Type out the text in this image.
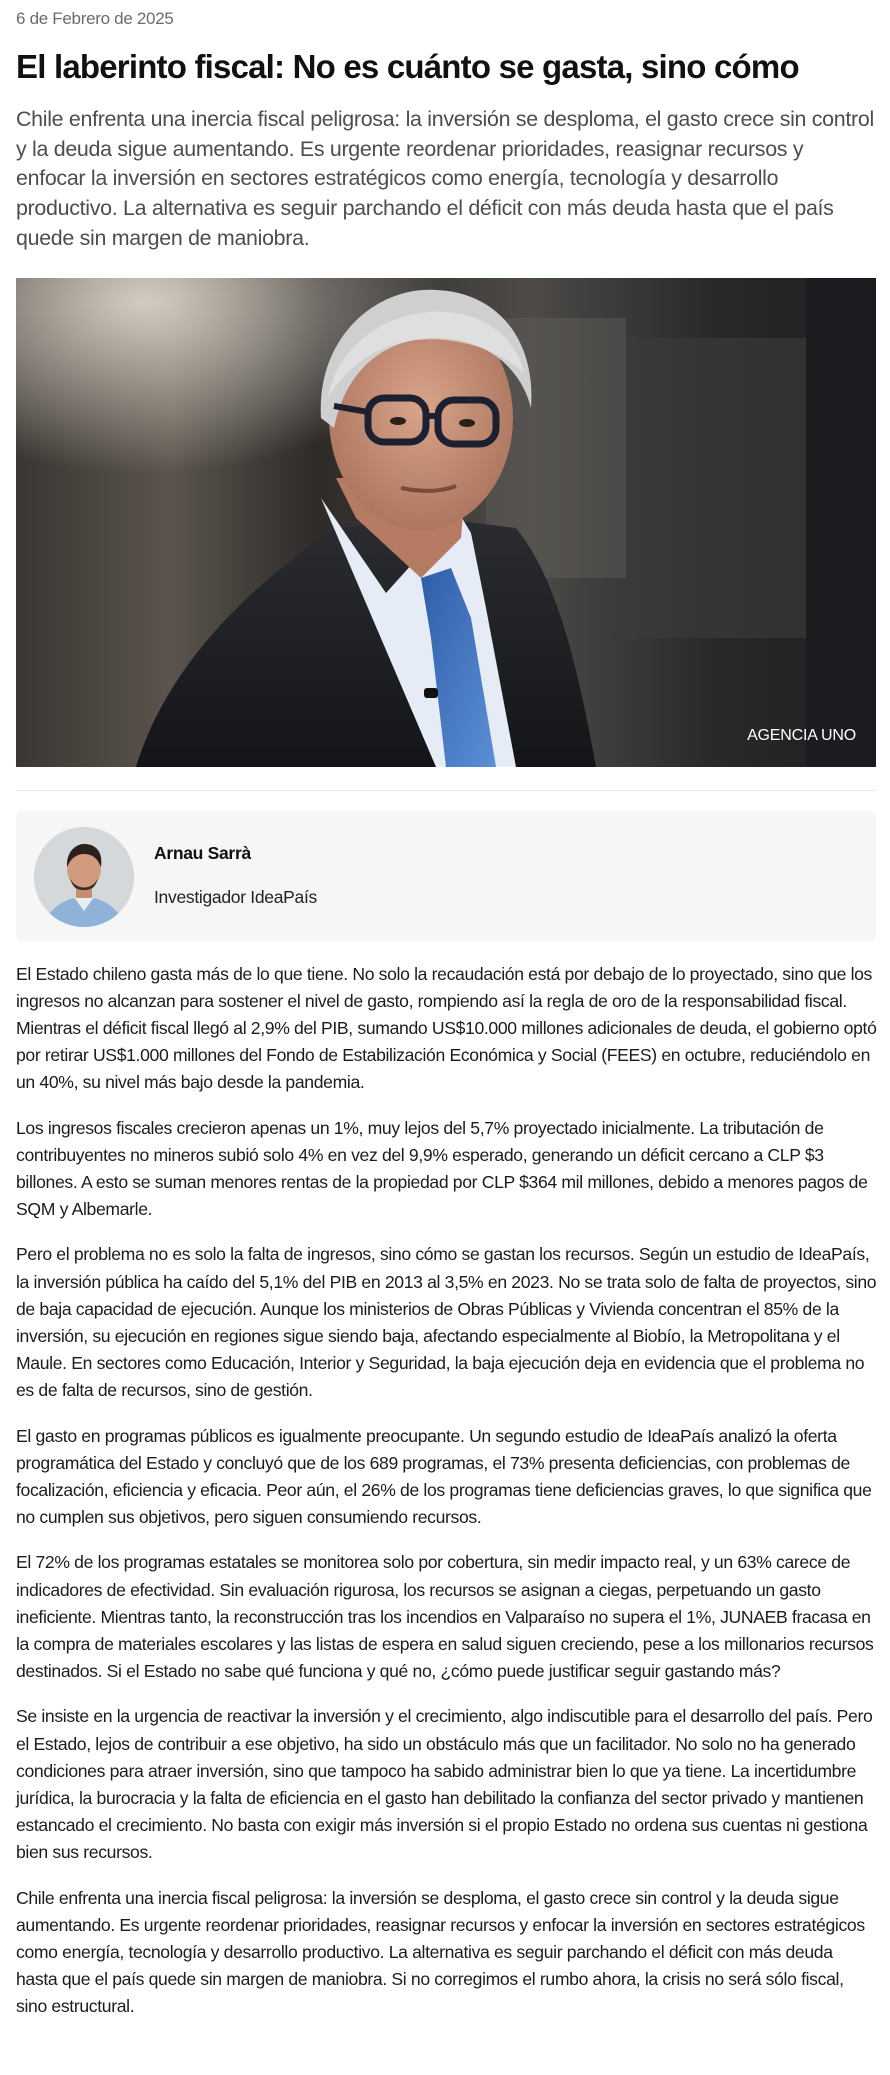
6 de Febrero de 2025
El laberinto fiscal: No es cuánto se gasta, sino cómo
Chile enfrenta una inercia fiscal peligrosa: la inversión se desploma, el gasto crece sin control y la deuda sigue aumentando. Es urgente reordenar prioridades, reasignar recursos y enfocar la inversión en sectores estratégicos como energía, tecnología y desarrollo productivo. La alternativa es seguir parchando el déficit con más deuda hasta que el país quede sin margen de maniobra.
AGENCIA UNO
Arnau Sarrà
Investigador IdeaPaís

El Estado chileno gasta más de lo que tiene. No solo la recaudación está por debajo de lo proyectado, sino que los ingresos no alcanzan para sostener el nivel de gasto, rompiendo así la regla de oro de la responsabilidad fiscal. Mientras el déficit fiscal llegó al 2,9% del PIB, sumando US$10.000 millones adicionales de deuda, el gobierno optó por retirar US$1.000 millones del Fondo de Estabilización Económica y Social (FEES) en octubre, reduciéndolo en un 40%, su nivel más bajo desde la pandemia.

Los ingresos fiscales crecieron apenas un 1%, muy lejos del 5,7% proyectado inicialmente. La tributación de contribuyentes no mineros subió solo 4% en vez del 9,9% esperado, generando un déficit cercano a CLP $3 billones. A esto se suman menores rentas de la propiedad por CLP $364 mil millones, debido a menores pagos de SQM y Albemarle.

Pero el problema no es solo la falta de ingresos, sino cómo se gastan los recursos. Según un estudio de IdeaPaís, la inversión pública ha caído del 5,1% del PIB en 2013 al 3,5% en 2023. No se trata solo de falta de proyectos, sino de baja capacidad de ejecución. Aunque los ministerios de Obras Públicas y Vivienda concentran el 85% de la inversión, su ejecución en regiones sigue siendo baja, afectando especialmente al Biobío, la Metropolitana y el Maule. En sectores como Educación, Interior y Seguridad, la baja ejecución deja en evidencia que el problema no es de falta de recursos, sino de gestión.

El gasto en programas públicos es igualmente preocupante. Un segundo estudio de IdeaPaís analizó la oferta programática del Estado y concluyó que de los 689 programas, el 73% presenta deficiencias, con problemas de focalización, eficiencia y eficacia. Peor aún, el 26% de los programas tiene deficiencias graves, lo que significa que no cumplen sus objetivos, pero siguen consumiendo recursos.

El 72% de los programas estatales se monitorea solo por cobertura, sin medir impacto real, y un 63% carece de indicadores de efectividad. Sin evaluación rigurosa, los recursos se asignan a ciegas, perpetuando un gasto ineficiente. Mientras tanto, la reconstrucción tras los incendios en Valparaíso no supera el 1%, JUNAEB fracasa en la compra de materiales escolares y las listas de espera en salud siguen creciendo, pese a los millonarios recursos destinados. Si el Estado no sabe qué funciona y qué no, ¿cómo puede justificar seguir gastando más?

Se insiste en la urgencia de reactivar la inversión y el crecimiento, algo indiscutible para el desarrollo del país. Pero el Estado, lejos de contribuir a ese objetivo, ha sido un obstáculo más que un facilitador. No solo no ha generado condiciones para atraer inversión, sino que tampoco ha sabido administrar bien lo que ya tiene. La incertidumbre jurídica, la burocracia y la falta de eficiencia en el gasto han debilitado la confianza del sector privado y mantienen estancado el crecimiento. No basta con exigir más inversión si el propio Estado no ordena sus cuentas ni gestiona bien sus recursos.

Chile enfrenta una inercia fiscal peligrosa: la inversión se desploma, el gasto crece sin control y la deuda sigue aumentando. Es urgente reordenar prioridades, reasignar recursos y enfocar la inversión en sectores estratégicos como energía, tecnología y desarrollo productivo. La alternativa es seguir parchando el déficit con más deuda hasta que el país quede sin margen de maniobra. Si no corregimos el rumbo ahora, la crisis no será sólo fiscal, sino estructural.
